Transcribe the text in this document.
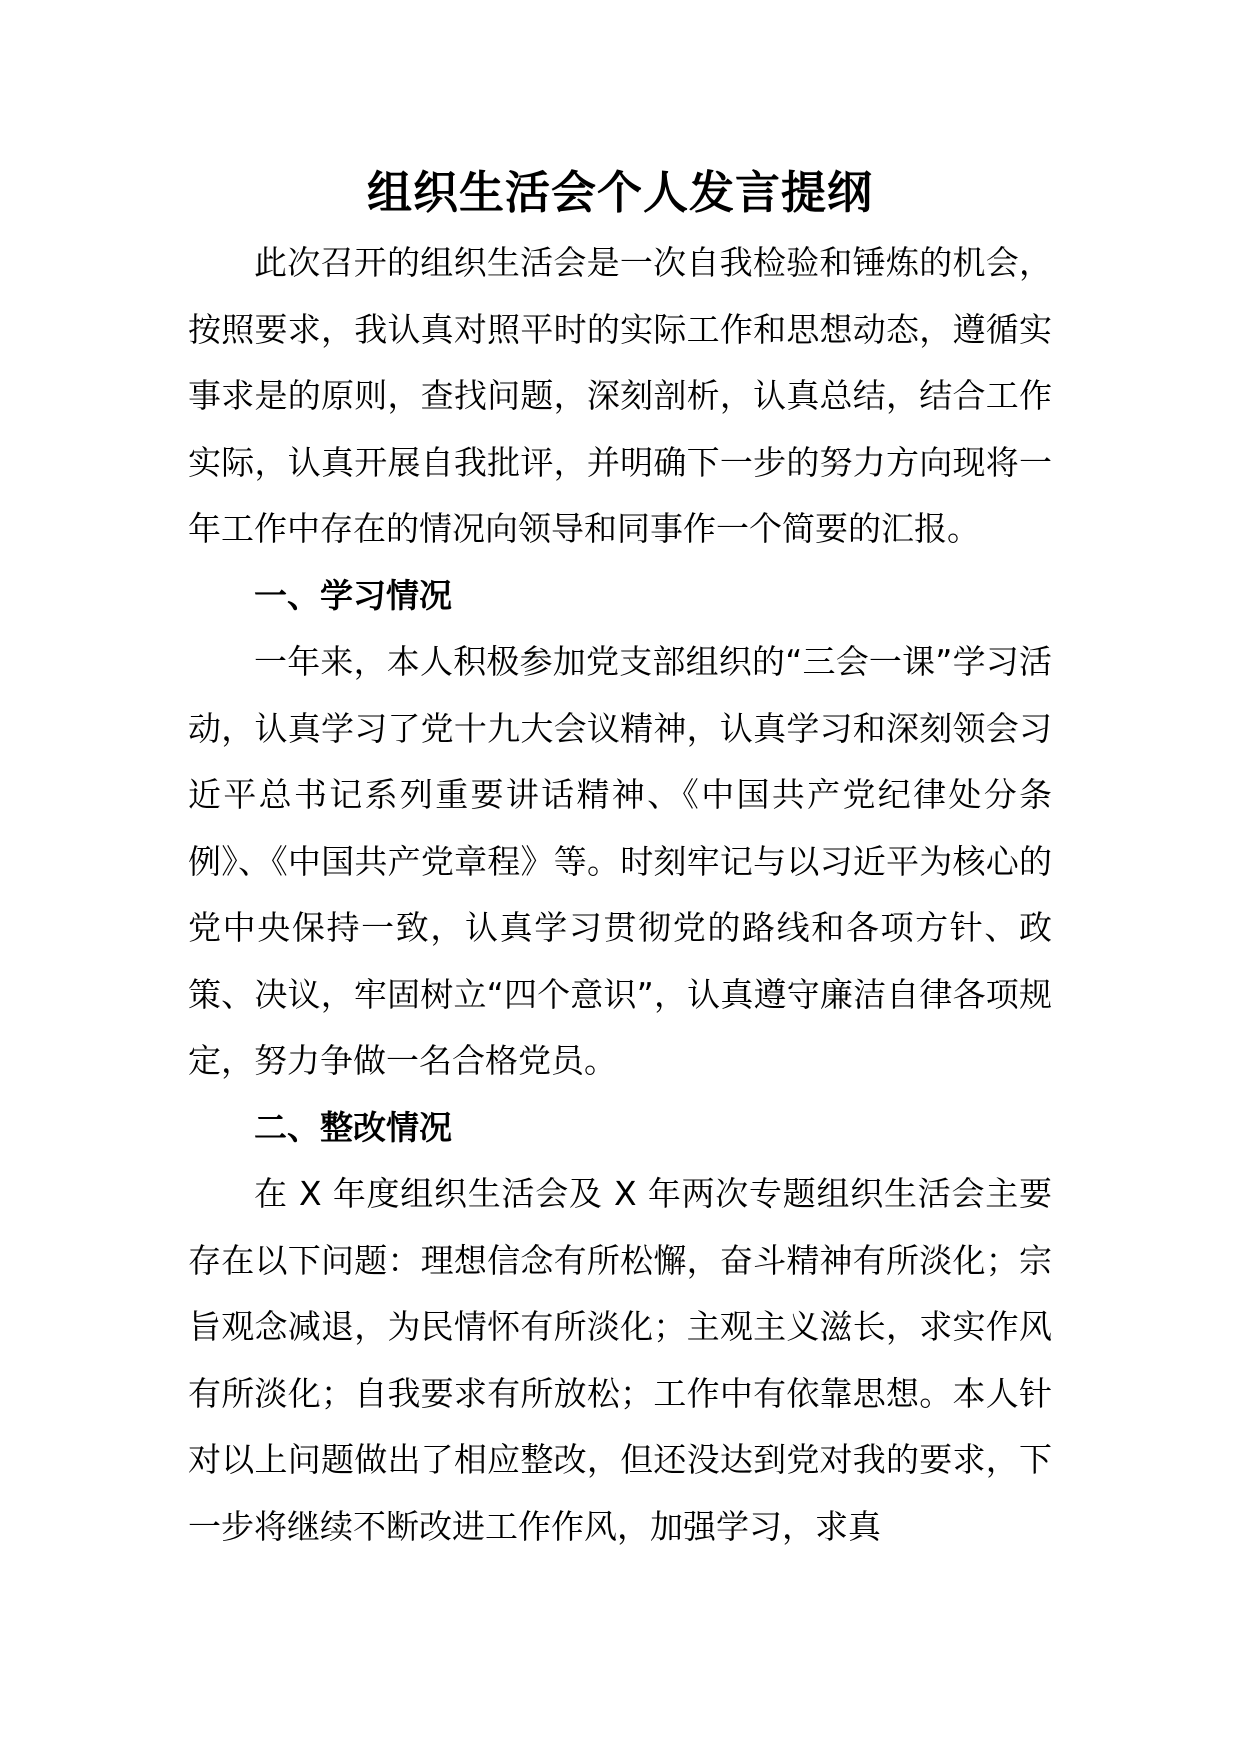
组织生活会个人发言提纲

此次召开的组织生活会是一次自我检验和锤炼的机会，按照要求，我认真对照平时的实际工作和思想动态，遵循实事求是的原则，查找问题，深刻剖析，认真总结，结合工作实际，认真开展自我批评，并明确下一步的努力方向现将一年工作中存在的情况向领导和同事作一个简要的汇报。

一、学习情况

一年来，本人积极参加党支部组织的“三会一课”学习活动，认真学习了党十九大会议精神，认真学习和深刻领会习近平总书记系列重要讲话精神、《中国共产党纪律处分条例》、《中国共产党章程》等。时刻牢记与以习近平为核心的党中央保持一致，认真学习贯彻党的路线和各项方针、政策、决议，牢固树立“四个意识”，认真遵守廉洁自律各项规定，努力争做一名合格党员。

二、整改情况

在 X 年度组织生活会及 X 年两次专题组织生活会主要存在以下问题：理想信念有所松懈，奋斗精神有所淡化；宗旨观念减退，为民情怀有所淡化；主观主义滋长，求实作风有所淡化；自我要求有所放松；工作中有依靠思想。本人针对以上问题做出了相应整改，但还没达到党对我的要求，下一步将继续不断改进工作作风，加强学习，求真
